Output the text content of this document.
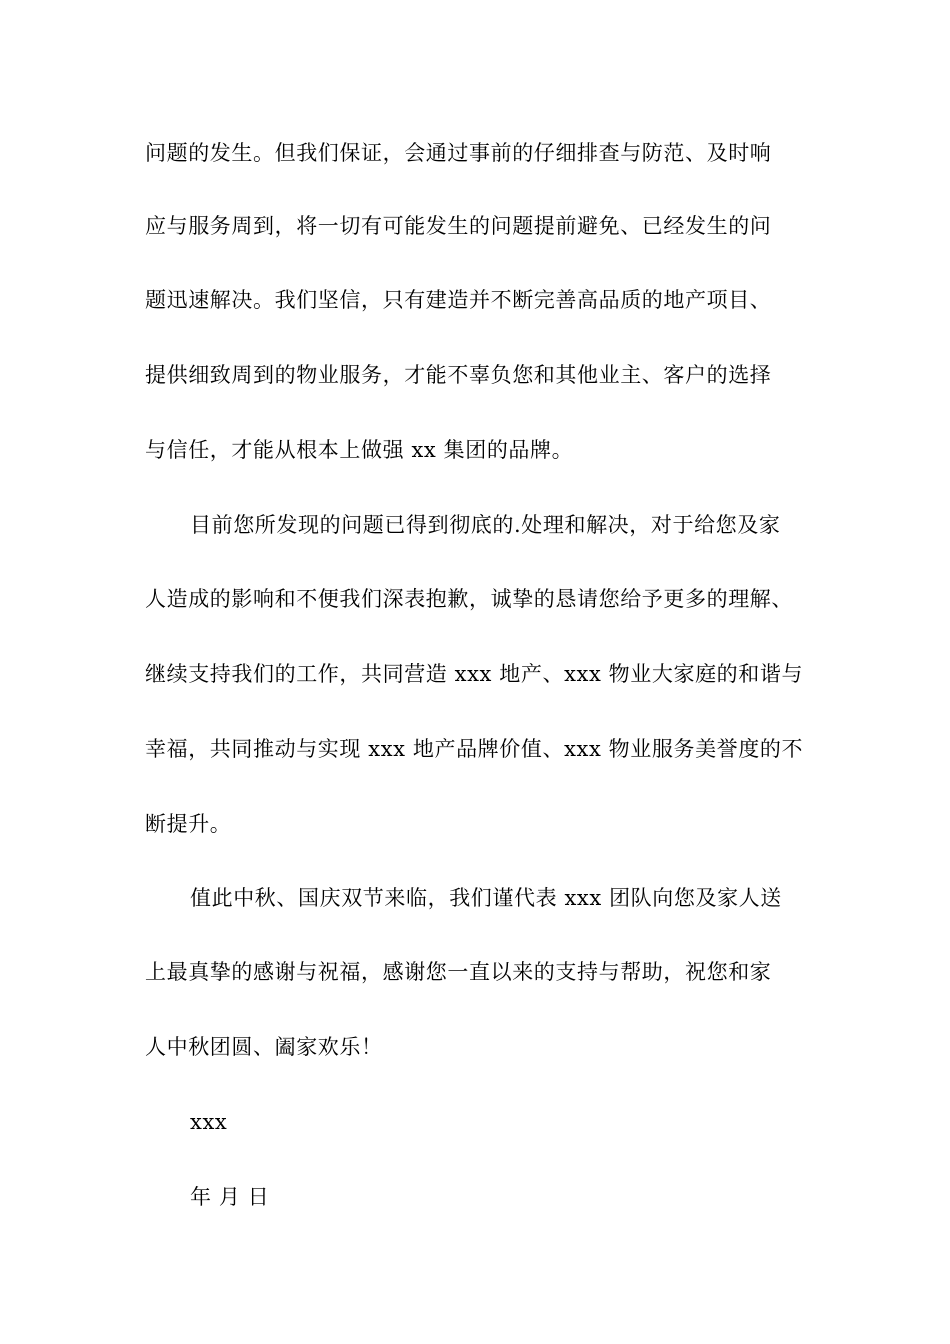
问题的发生。但我们保证，会通过事前的仔细排查与防范、及时响
应与服务周到，将一切有可能发生的问题提前避免、已经发生的问
题迅速解决。我们坚信，只有建造并不断完善高品质的地产项目、
提供细致周到的物业服务，才能不辜负您和其他业主、客户的选择
与信任，才能从根本上做强 xx 集团的品牌。
目前您所发现的问题已得到彻底的.处理和解决，对于给您及家
人造成的影响和不便我们深表抱歉，诚挚的恳请您给予更多的理解、
继续支持我们的工作，共同营造 xxx 地产、xxx 物业大家庭的和谐与
幸福，共同推动与实现 xxx 地产品牌价值、xxx 物业服务美誉度的不
断提升。
值此中秋、国庆双节来临，我们谨代表 xxx 团队向您及家人送
上最真挚的感谢与祝福，感谢您一直以来的支持与帮助，祝您和家
人中秋团圆、阖家欢乐！
xxx
年 月 日
